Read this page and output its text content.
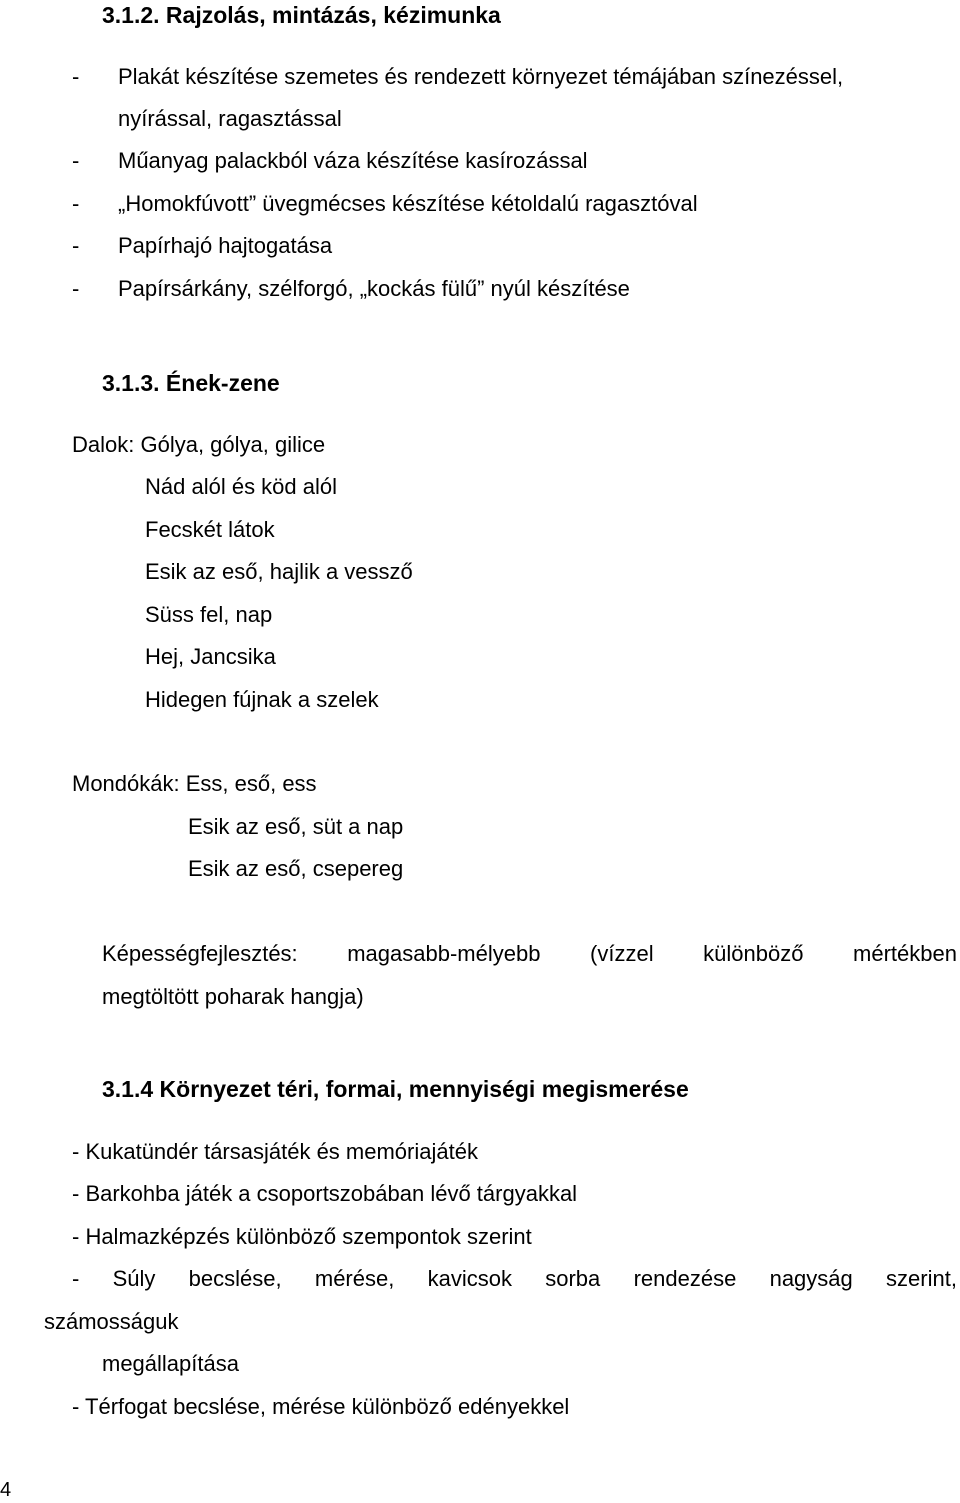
3.1.2. Rajzolás, mintázás, kézimunka
- Plakát készítése szemetes és rendezett környezet témájában színezéssel,
nyírással, ragasztással
- Műanyag palackból váza készítése kasírozással
- „Homokfúvott” üvegmécses készítése kétoldalú ragasztóval
- Papírhajó hajtogatása
- Papírsárkány, szélforgó, „kockás fülű” nyúl készítése
3.1.3. Ének-zene
Dalok: Gólya, gólya, gilice
Nád alól és köd alól
Fecskét látok
Esik az eső, hajlik a vessző
Süss fel, nap
Hej, Jancsika
Hidegen fújnak a szelek
Mondókák: Ess, eső, ess
Esik az eső, süt a nap
Esik az eső, csepereg
Képességfejlesztés: magasabb-mélyebb (vízzel különböző mértékben
megtöltött poharak hangja)
3.1.4 Környezet téri, formai, mennyiségi megismerése
- Kukatündér társasjáték és memóriajáték
- Barkohba játék a csoportszobában lévő tárgyakkal
- Halmazképzés különböző szempontok szerint
- Súly becslése, mérése, kavicsok sorba rendezése nagyság szerint,
számosságuk
megállapítása
- Térfogat becslése, mérése különböző edényekkel
4
